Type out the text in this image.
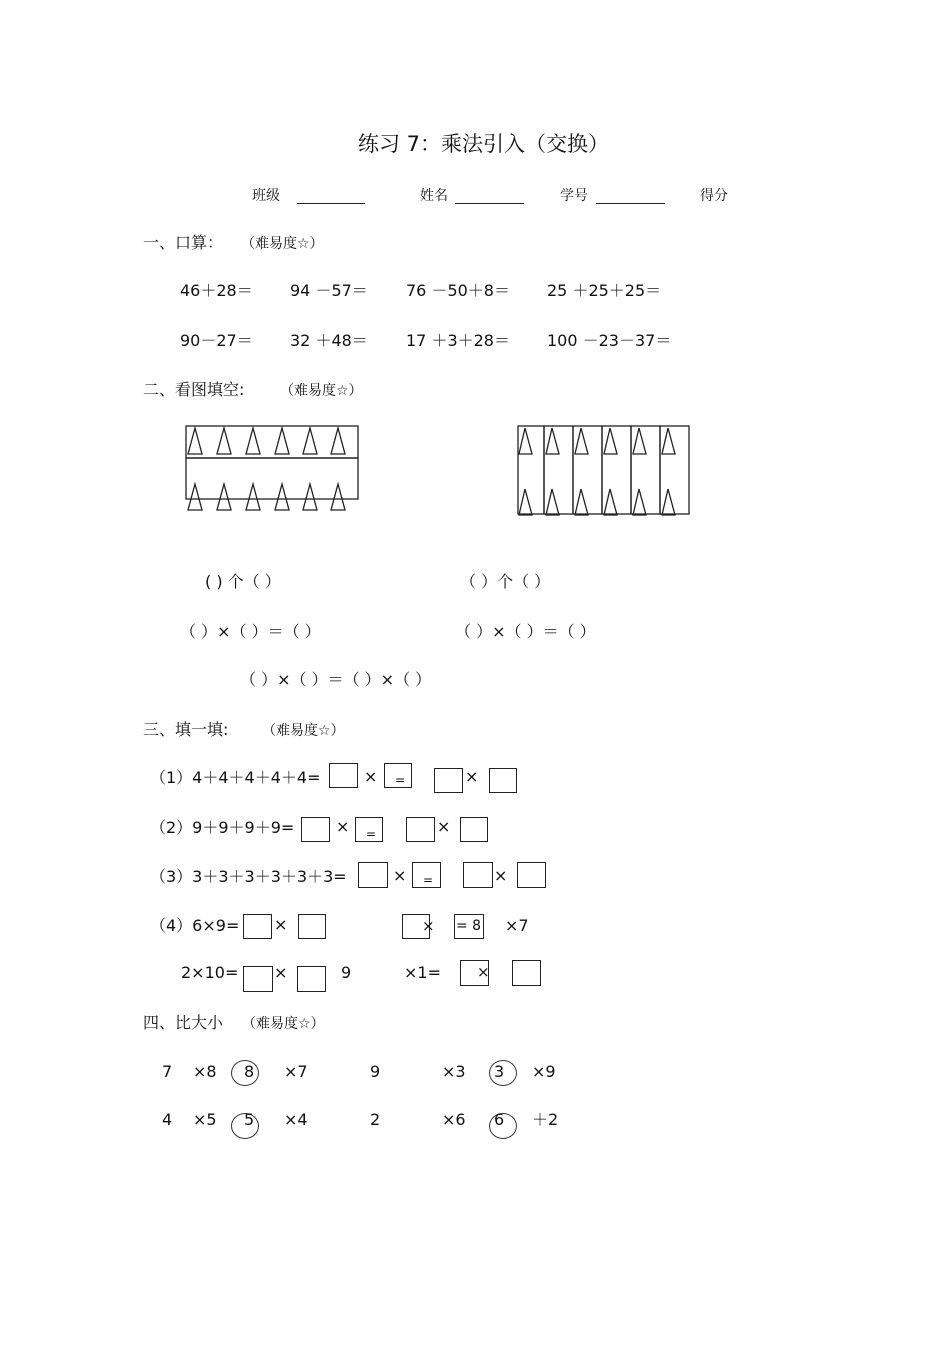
练习 7：乘法引入（交换）
班级	姓名	学号	得分
一、口算： （难易度☆）
46＋28＝ 94 －57＝ 76 －50＋8＝ 25 ＋25＋25＝
90－27＝ 32 ＋48＝ 17 ＋3＋28＝ 100 －23－37＝
二、看图填空:	（难易度☆）
( ) 个（ ）	（ ）个（ ）
（ ）×（ ）＝（ ）	（ ）×（ ）＝（ ）
（ ）×（ ）＝（ ）×（ ）
三、填一填: （难易度☆）
（1）4＋4＋4＋4＋4=	× =	×
（2）9＋9＋9＋9=	× =	×
（3）3＋3＋3＋3＋3＋3=	× =	×
（4）6×9= ×	× = 8 ×7
2×10= ×	9	×1= ×
四、比大小 （难易度☆）
7 ×8 8 ×7	9	×3 3 ×9
4 ×5 5 ×4	2	×6 6 ＋2
